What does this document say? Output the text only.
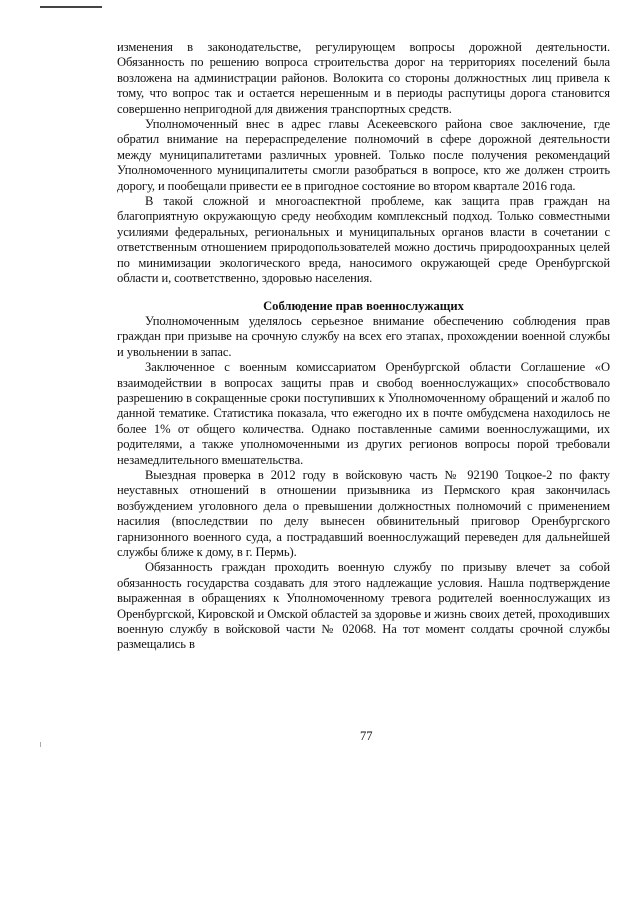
изменения в законодательстве, регулирующем вопросы дорожной деятельности. Обязанность по решению вопроса строительства дорог на территориях поселений была возложена на администрации районов. Волокита со стороны должностных лиц привела к тому, что вопрос так и остается нерешенным и в периоды распутицы дорога становится совершенно непригодной для движения транспортных средств.

Уполномоченный внес в адрес главы Асекеевского района свое заключение, где обратил внимание на перераспределение полномочий в сфере дорожной деятельности между муниципалитетами различных уровней. Только после получения рекомендаций Уполномоченного муниципалитеты смогли разобраться в вопросе, кто же должен строить дорогу, и пообещали привести ее в пригодное состояние во втором квартале 2016 года.

В такой сложной и многоаспектной проблеме, как защита прав граждан на благоприятную окружающую среду необходим комплексный подход. Только совместными усилиями федеральных, региональных и муниципальных органов власти в сочетании с ответственным отношением природопользователей можно достичь природоохранных целей по минимизации экологического вреда, наносимого окружающей среде Оренбургской области и, соответственно, здоровью населения.

Соблюдение прав военнослужащих

Уполномоченным уделялось серьезное внимание обеспечению соблюдения прав граждан при призыве на срочную службу на всех его этапах, прохождении военной службы и увольнении в запас.

Заключенное с военным комиссариатом Оренбургской области Соглашение «О взаимодействии в вопросах защиты прав и свобод военнослужащих» способствовало разрешению в сокращенные сроки поступивших к Уполномоченному обращений и жалоб по данной тематике. Статистика показала, что ежегодно их в почте омбудсмена находилось не более 1% от общего количества. Однако поставленные самими военнослужащими, их родителями, а также уполномоченными из других регионов вопросы порой требовали незамедлительного вмешательства.

Выездная проверка в 2012 году в войсковую часть № 92190 Тоцкое-2 по факту неуставных отношений в отношении призывника из Пермского края закончилась возбуждением уголовного дела о превышении должностных полномочий с применением насилия (впоследствии по делу вынесен обвинительный приговор Оренбургского гарнизонного военного суда, а пострадавший военнослужащий переведен для дальнейшей службы ближе к дому, в г. Пермь).

Обязанность граждан проходить военную службу по призыву влечет за собой обязанность государства создавать для этого надлежащие условия. Нашла подтверждение выраженная в обращениях к Уполномоченному тревога родителей военнослужащих из Оренбургской, Кировской и Омской областей за здоровье и жизнь своих детей, проходивших военную службу в войсковой части № 02068. На тот момент солдаты срочной службы размещались в

77
